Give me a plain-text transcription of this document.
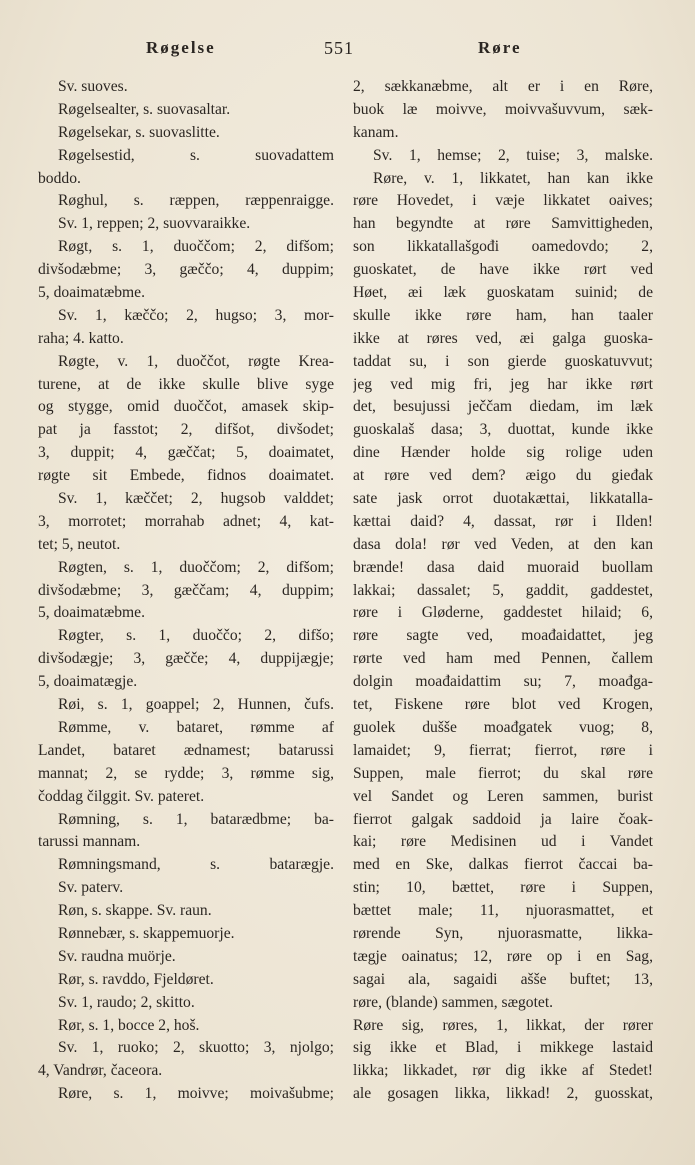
Røgelse	551	Røre
Sv. suoves.
Røgelsealter, s. suovasaltar.
Røgelsekar, s. suovaslitte.
Røgelsestid, s. suovadattem
boddo.
Røghul, s. ræppen, ræppenraigge.
Sv. 1, reppen; 2, suovvaraikke.
Røgt, s. 1, duoččom; 2, difšom;
divšodæbme; 3, gæččo; 4, duppim;
5, doaimatæbme.
Sv. 1, kæččo; 2, hugso; 3, mor-
raha; 4. katto.
Røgte, v. 1, duoččot, røgte Krea-
turene, at de ikke skulle blive syge
og stygge, omid duoččot, amasek skip-
pat ja fasstot; 2, difšot, divšodet;
3, duppit; 4, gæččat; 5, doaimatet,
røgte sit Embede, fidnos doaimatet.
Sv. 1, kæččet; 2, hugsob valddet;
3, morrotet; morrahab adnet; 4, kat-
tet; 5, neutot.
Røgten, s. 1, duoččom; 2, difšom;
divšodæbme; 3, gæččam; 4, duppim;
5, doaimatæbme.
Røgter, s. 1, duoččo; 2, difšo;
divšodægje; 3, gæčče; 4, duppijægje;
5, doaimatægje.
Røi, s. 1, goappel; 2, Hunnen, čufs.
Rømme, v. bataret, rømme af
Landet, bataret ædnamest; batarussi
mannat; 2, se rydde; 3, rømme sig,
čoddag čilggit. Sv. pateret.
Rømning, s. 1, batarædbme; ba-
tarussi mannam.
Rømningsmand, s. batarægje.
Sv. paterv.
Røn, s. skappe. Sv. raun.
Rønnebær, s. skappemuorje.
Sv. raudna muörje.
Rør, s. ravddo, Fjeldøret.
Sv. 1, raudo; 2, skitto.
Rør, s. 1, bocce 2, hoš.
Sv. 1, ruoko; 2, skuotto; 3, njolgo;
4, Vandrør, čaceora.
Røre, s. 1, moivve; moivašubme;
2, sækkanæbme, alt er i en Røre,
buok læ moivve, moivvašuvvum, sæk-
kanam.
Sv. 1, hemse; 2, tuise; 3, malske.
Røre, v. 1, likkatet, han kan ikke
røre Hovedet, i væje likkatet oaives;
han begyndte at røre Samvittigheden,
son likkatallašgođi oamedovdo; 2,
guoskatet, de have ikke rørt ved
Høet, æi læk guoskatam suinid; de
skulle ikke røre ham, han taaler
ikke at røres ved, æi galga guoska-
taddat su, i son gierde guoskatuvvut;
jeg ved mig fri, jeg har ikke rørt
det, besujussi ječčam diedam, im læk
guoskalaš dasa; 3, duottat, kunde ikke
dine Hænder holde sig rolige uden
at røre ved dem? æigo du gieđak
sate jask orrot duotakættai, likkatalla-
kættai daid? 4, dassat, rør i Ilden!
dasa dola! rør ved Veden, at den kan
brænde! dasa daid muoraid buollam
lakkai; dassalet; 5, gaddit, gaddestet,
røre i Gløderne, gaddestet hilaid; 6,
røre sagte ved, moađaidattet, jeg
rørte ved ham med Pennen, čallem
dolgin moađaidattim su; 7, moađga-
tet, Fiskene røre blot ved Krogen,
guolek dušše moađgatek vuog; 8,
lamaidet; 9, fierrat; fierrot, røre i
Suppen, male fierrot; du skal røre
vel Sandet og Leren sammen, burist
fierrot galgak saddoid ja laire čoak-
kai; røre Medisinen ud i Vandet
med en Ske, dalkas fierrot čaccai ba-
stin; 10, bættet, røre i Suppen,
bættet male; 11, njuorasmattet, et
rørende Syn, njuorasmatte, likka-
tægje oainatus; 12, røre op i en Sag,
sagai ala, sagaidi ašše buftet; 13,
røre, (blande) sammen, sægotet.
Røre sig, røres, 1, likkat, der rører
sig ikke et Blad, i mikkege lastaid
likka; likkadet, rør dig ikke af Stedet!
ale gosagen likka, likkad! 2, guosskat,
